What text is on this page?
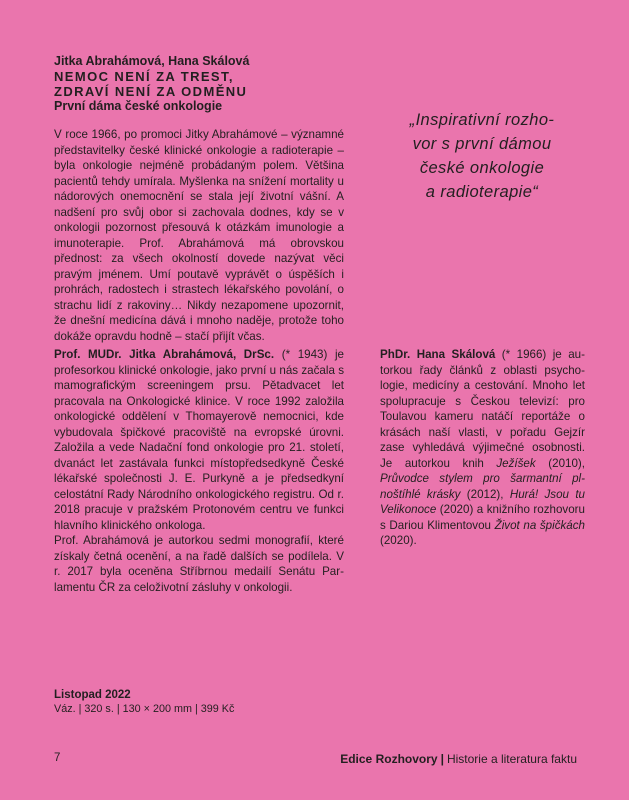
Jitka Abrahámová, Hana Skálová
NEMOC NENÍ ZA TREST,
ZDRAVÍ NENÍ ZA ODMĚNU
První dáma české onkologie

V roce 1966, po promoci Jitky Abrahámové – významné představitelky české klinické onkologie a radioterapie – byla onkologie nejméně probádaným polem. Většina pacientů tehdy umírala. Myšlenka na snížení mortality u nádorových onemocnění se stala její životní vášní. A nadšení pro svůj obor si zachovala dodnes, kdy se v onkologii pozornost přesouvá k otázkám imunologie a imunoterapie. Prof. Abrahámová má obrovskou přednost: za všech okolností dovede nazývat věci pravým jménem. Umí poutavě vyprávět o úspěších i prohrách, radostech i strastech lékařského povolání, o strachu lidí z rakoviny… Nikdy nezapomene upozornit, že dnešní medicína dává i mnoho naděje, protože toho dokáže opravdu hodně – stačí přijít včas.

„Inspirativní rozho-
vor s první dámou
české onkologie
a radioterapie“

Prof. MUDr. Jitka Abrahámová, DrSc. (* 1943) je profesorkou klinické onkologie, jako první u nás začala s mamografickým screeningem prsu. Pětadvacet let pracovala na Onkologické klinice. V roce 1992 založila onkologické oddělení v Thomayerově nemocnici, kde vybudovala špičkové pracoviště na evropské úrovni. Založila a vede Nadační fond onkologie pro 21. století, dvanáct let zastávala funkci místopředsedkyně České lékařské společnosti J. E. Purkyně a je předsedkyní celostátní Rady Národního onkologického registru. Od r. 2018 pracuje v pražském Protonovém centru ve funkci hlavního klinického onkologa.

Prof. Abrahámová je autorkou sedmi monografií, které získaly četná ocenění, a na řadě dalších se podílela. V r. 2017 byla oceněna Stříbrnou medailí Senátu Parlamentu ČR za celoživotní zásluhy v onkologii.

PhDr. Hana Skálová (* 1966) je autorkou řady článků z oblasti psychologie, medicíny a cestování. Mnoho let spolupracuje s Českou televizí: pro Toulavou kameru natáčí reportáže o krásách naší vlasti, v pořadu Gejzír zase vyhledává výjimečné osobnosti. Je autorkou knih Ježíšek (2010), Průvodce stylem pro šarmantní plnoštíhlé krásky (2012), Hurá! Jsou tu Velikonoce (2020) a knižního rozhovoru s Dariou Klimentovou Život na špičkách (2020).

Listopad 2022
Váz. | 320 s. | 130 × 200 mm | 399 Kč
7	Edice Rozhovory | Historie a literatura faktu
